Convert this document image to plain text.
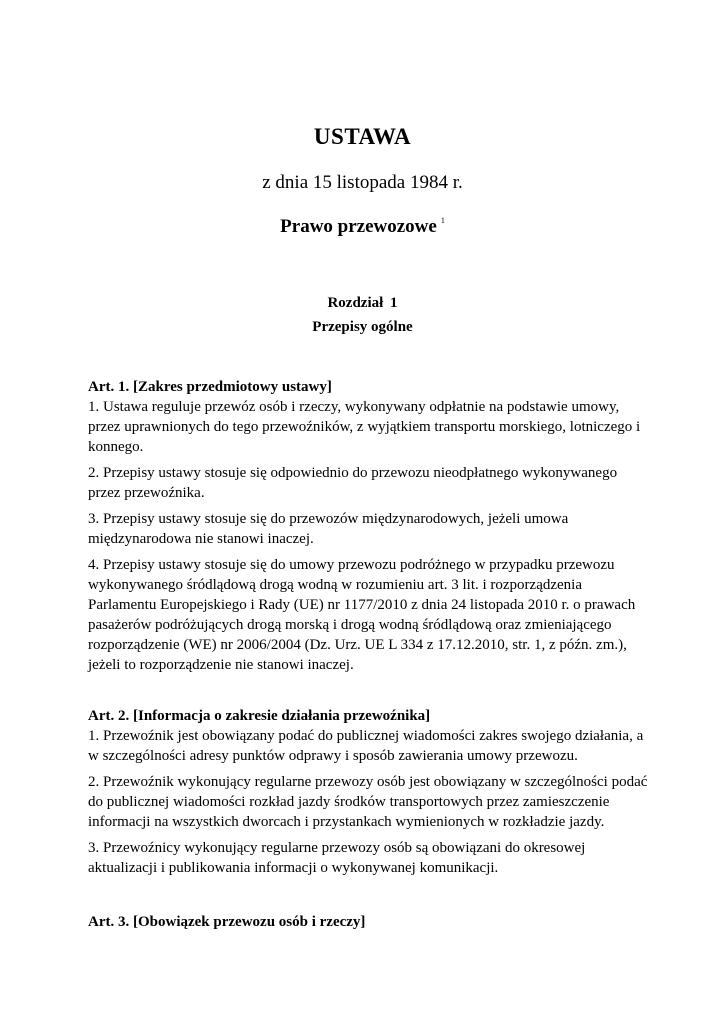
USTAWA

z dnia 15 listopada 1984 r.

Prawo przewozowe $^1$

Rozdział 1

Przepisy ogólne

Art. 1. [Zakres przedmiotowy ustawy]

1. Ustawa reguluje przewóz osób i rzeczy, wykonywany odpłatnie na podstawie umowy, przez uprawnionych do tego przewoźników, z wyjątkiem transportu morskiego, lotniczego i konnego.

2. Przepisy ustawy stosuje się odpowiednio do przewozu nieodpłatnego wykonywanego przez przewoźnika.

3. Przepisy ustawy stosuje się do przewozów międzynarodowych, jeżeli umowa międzynarodowa nie stanowi inaczej.

4. Przepisy ustawy stosuje się do umowy przewozu podróżnego w przypadku przewozu wykonywanego śródlądową drogą wodną w rozumieniu art. 3 lit. i rozporządzenia Parlamentu Europejskiego i Rady (UE) nr 1177/2010 z dnia 24 listopada 2010 r. o prawach pasażerów podróżujących drogą morską i drogą wodną śródlądową oraz zmieniającego rozporządzenie (WE) nr 2006/2004 (Dz. Urz. UE L 334 z 17.12.2010, str. 1, z późn. zm.), jeżeli to rozporządzenie nie stanowi inaczej.

Art. 2. [Informacja o zakresie działania przewoźnika]

1. Przewoźnik jest obowiązany podać do publicznej wiadomości zakres swojego działania, a w szczególności adresy punktów odprawy i sposób zawierania umowy przewozu.

2. Przewoźnik wykonujący regularne przewozy osób jest obowiązany w szczególności podać do publicznej wiadomości rozkład jazdy środków transportowych przez zamieszczenie informacji na wszystkich dworcach i przystankach wymienionych w rozkładzie jazdy.

3. Przewoźnicy wykonujący regularne przewozy osób są obowiązani do okresowej aktualizacji i publikowania informacji o wykonywanej komunikacji.

Art. 3. [Obowiązek przewozu osób i rzeczy]
